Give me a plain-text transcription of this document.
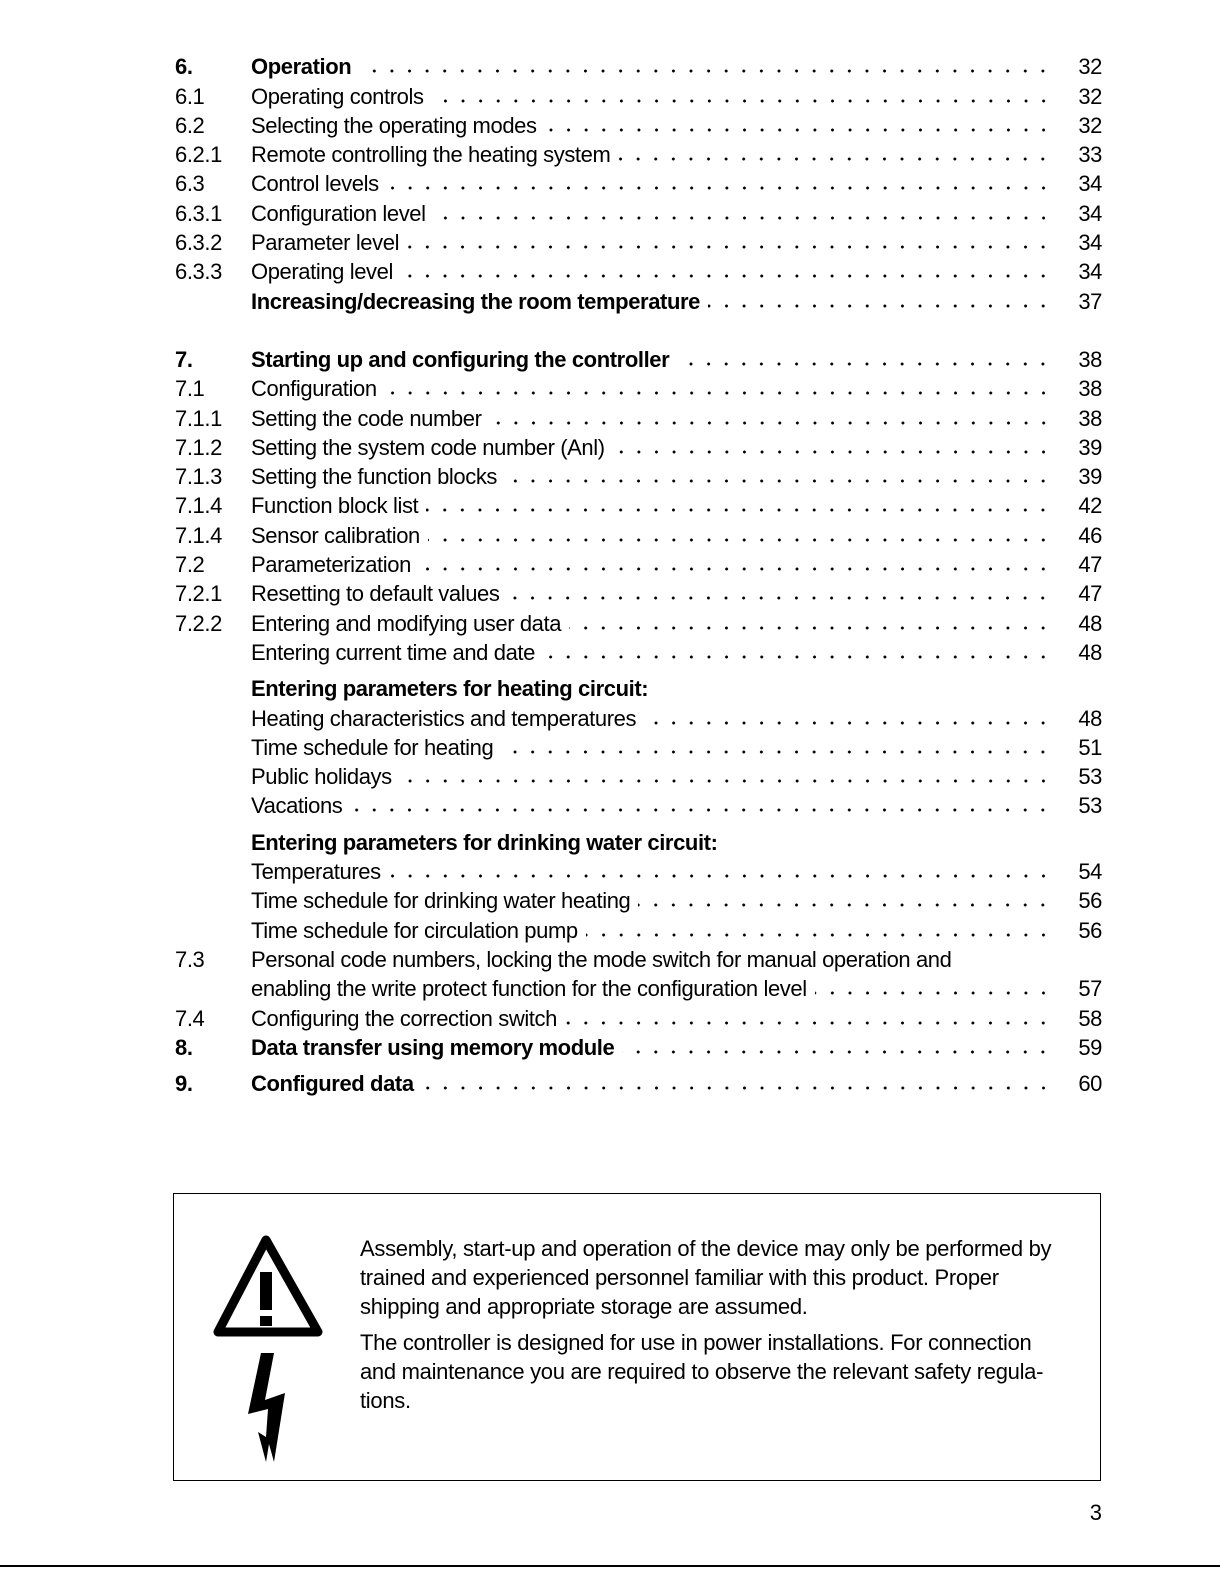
6.	Operation	32
6.1	Operating controls	32
6.2	Selecting the operating modes	32
6.2.1	Remote controlling the heating system	33
6.3	Control levels	34
6.3.1	Configuration level	34
6.3.2	Parameter level	34
6.3.3	Operating level	34
Increasing/decreasing the room temperature	37
7.	Starting up and configuring the controller	38
7.1	Configuration	38
7.1.1	Setting the code number	38
7.1.2	Setting the system code number (Anl)	39
7.1.3	Setting the function blocks	39
7.1.4	Function block list	42
7.1.4	Sensor calibration	46
7.2	Parameterization	47
7.2.1	Resetting to default values	47
7.2.2	Entering and modifying user data	48
Entering current time and date	48
Entering parameters for heating circuit:
Heating characteristics and temperatures	48
Time schedule for heating	51
Public holidays	53
Vacations	53
Entering parameters for drinking water circuit:
Temperatures	54
Time schedule for drinking water heating	56
Time schedule for circulation pump	56
7.3	Personal code numbers, locking the mode switch for manual operation and
enabling the write protect function for the configuration level	57
7.4	Configuring the correction switch	58
8.	Data transfer using memory module	59
9.	Configured data	60

Assembly, start-up and operation of the device may only be performed by trained and experienced personnel familiar with this product. Proper shipping and appropriate storage are assumed.

The controller is designed for use in power installations. For connection and maintenance you are required to observe the relevant safety regula-tions.

3
